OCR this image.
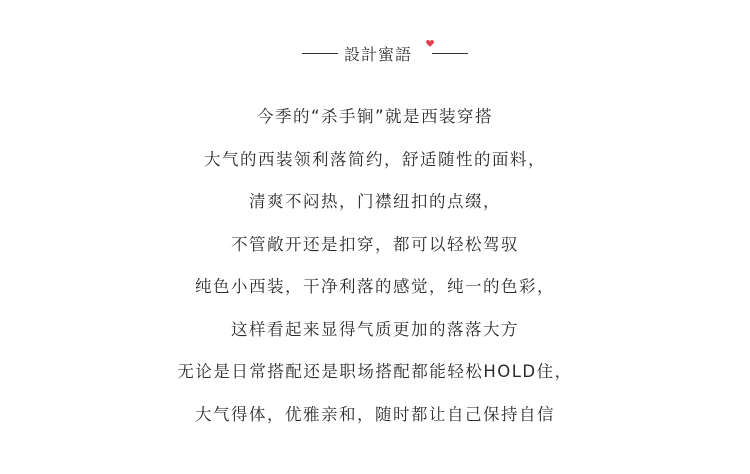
設計蜜語
今季的“杀手锏”就是西装穿搭
大气的西装领利落简约，舒适随性的面料，
清爽不闷热，门襟纽扣的点缀，
不管敞开还是扣穿，都可以轻松驾驭
纯色小西装，干净利落的感觉，纯一的色彩，
这样看起来显得气质更加的落落大方
无论是日常搭配还是职场搭配都能轻松HOLD住，
大气得体，优雅亲和，随时都让自己保持自信
